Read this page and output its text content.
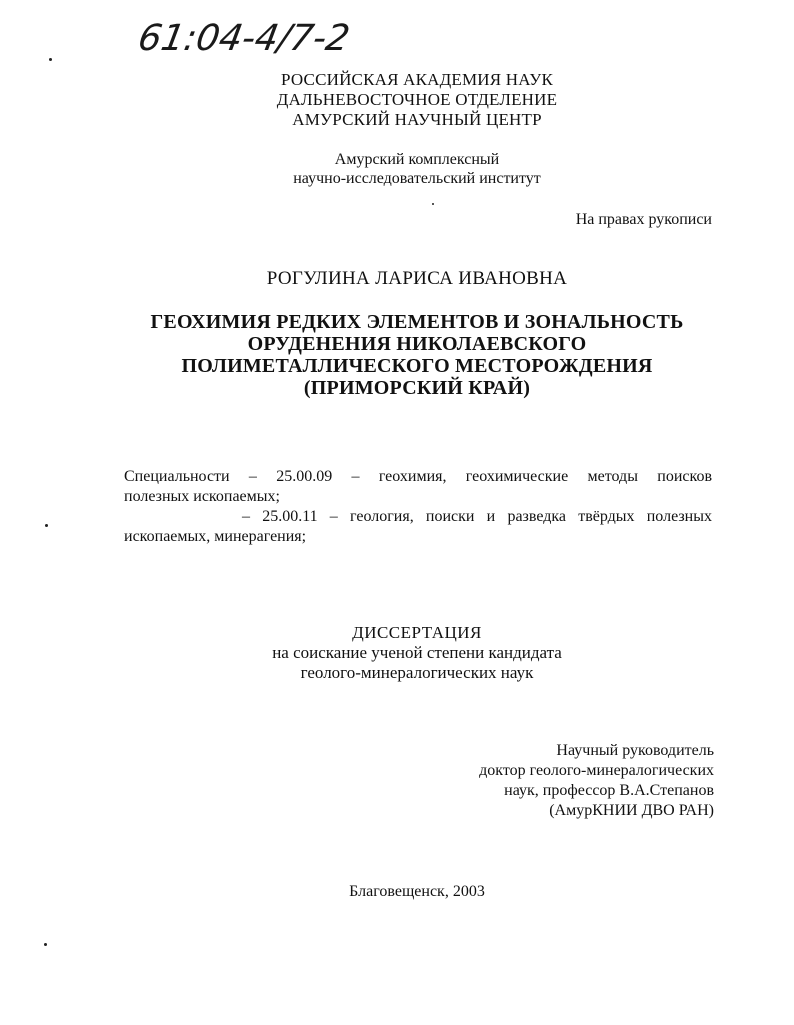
61:04-4/7-2
РОССИЙСКАЯ АКАДЕМИЯ НАУК
ДАЛЬНЕВОСТОЧНОЕ ОТДЕЛЕНИЕ
АМУРСКИЙ НАУЧНЫЙ ЦЕНТР
Амурский комплексный
научно-исследовательский институт
На правах рукописи
РОГУЛИНА ЛАРИСА ИВАНОВНА
ГЕОХИМИЯ РЕДКИХ ЭЛЕМЕНТОВ И ЗОНАЛЬНОСТЬ
ОРУДЕНЕНИЯ НИКОЛАЕВСКОГО
ПОЛИМЕТАЛЛИЧЕСКОГО МЕСТОРОЖДЕНИЯ
(ПРИМОРСКИЙ КРАЙ)
Специальности – 25.00.09 – геохимия, геохимические методы поисков
полезных ископаемых;
– 25.00.11 – геология, поиски и разведка твёрдых полезных
ископаемых, минерагения;
ДИССЕРТАЦИЯ
на соискание ученой степени кандидата
геолого-минералогических наук
Научный руководитель
доктор геолого-минералогических
наук, профессор В.А.Степанов
(АмурКНИИ ДВО РАН)
Благовещенск, 2003
